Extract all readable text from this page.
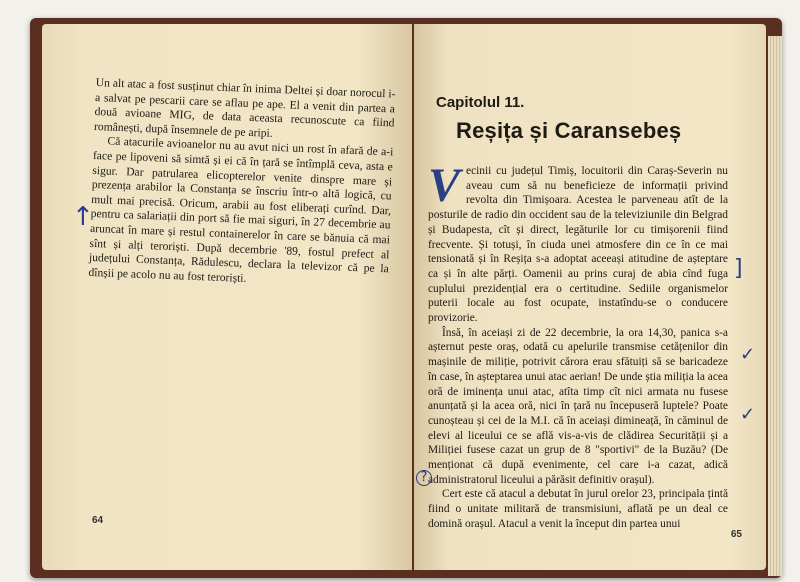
Un alt atac a fost susținut chiar în inima Deltei și doar norocul i-a salvat pe pescarii care se aflau pe ape. El a venit din partea a două avioane MIG, de data aceasta recunoscute ca fiind românești, după însemnele de pe aripi.

Că atacurile avioanelor nu au avut nici un rost în afară de a-i face pe lipoveni să simtă și ei că în țară se întîmplă ceva, asta e sigur. Dar patrularea elicopterelor venite dinspre mare și prezența arabilor la Constanța se înscriu într-o altă logică, cu mult mai precisă. Oricum, arabii au fost eliberați curînd. Dar, pentru ca salariații din port să fie mai siguri, în 27 decembrie au aruncat în mare și restul containerelor în care se bănuia că mai sînt și alți teroriști. După decembrie '89, fostul prefect al județului Constanța, Rădulescu, declara la televizor că pe la dînșii pe acolo nu au fost teroriști.

↑
64
Capitolul 11.
Reșița și Caransebeș

Vecinii cu județul Timiș, locuitorii din Caraș-Severin nu aveau cum să nu beneficieze de informații privind revolta din Timișoara. Acestea le parveneau atît de la posturile de radio din occident sau de la televiziunile din Belgrad și Budapesta, cît și direct, legăturile lor cu timișorenii fiind frecvente. Și totuși, în ciuda unei atmosfere din ce în ce mai tensionată și în Reșița s-a adoptat aceeași atitudine de așteptare ca și în alte părți. Oamenii au prins curaj de abia cînd fuga cuplului prezidențial era o certitudine. Sediile organismelor puterii locale au fost ocupate, instatîndu-se o conducere provizorie.

Însă, în aceiași zi de 22 decembrie, la ora 14,30, panica s-a așternut peste oraș, odată cu apelurile transmise cetățenilor din mașinile de miliție, potrivit cărora erau sfătuiți să se baricadeze în case, în așteptarea unui atac aerian! De unde știa miliția la acea oră de iminența unui atac, atîta timp cît nici armata nu fusese anunțată și la acea oră, nici în țară nu începuseră luptele? Poate cunoșteau și cei de la M.I. că în aceiași dimineață, în căminul de elevi al liceului ce se află vis-a-vis de clădirea Securității și a Miliției fusese cazat un grup de 8 "sportivi" de la Buzău? (De menționat că după evenimente, cel care i-a cazat, adică administratorul liceului a părăsit definitiv orașul).

Cert este că atacul a debutat în jurul orelor 23, principala țintă fiind o unitate militară de transmisiuni, aflată pe un deal ce domină orașul. Atacul a venit la început din partea unui

]
✓
✓
?
65
